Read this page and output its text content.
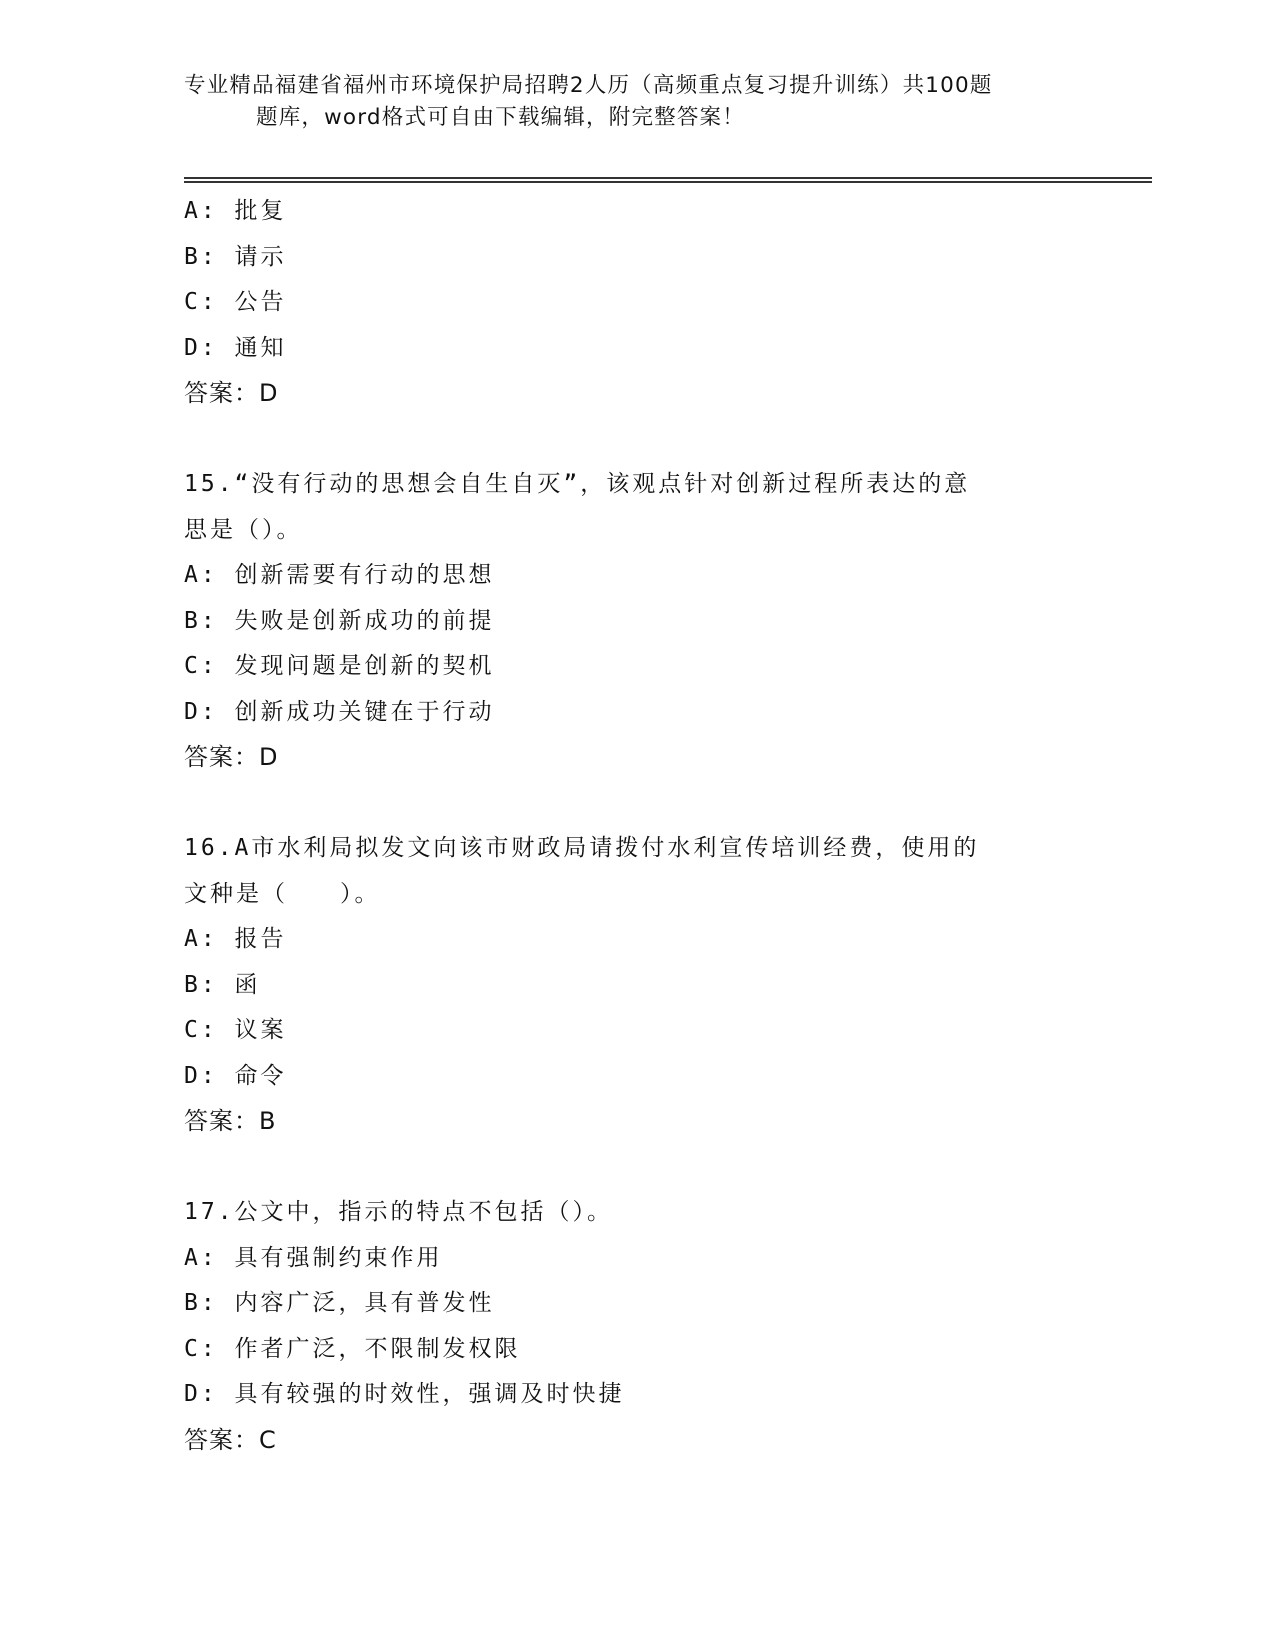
专业精品福建省福州市环境保护局招聘2人历（高频重点复习提升训练）共100题
题库，word格式可自由下载编辑，附完整答案！
A: 批复
B: 请示
C: 公告
D: 通知
答案：D
15.“没有行动的思想会自生自灭”，该观点针对创新过程所表达的意
思是（）。
A: 创新需要有行动的思想
B: 失败是创新成功的前提
C: 发现问题是创新的契机
D: 创新成功关键在于行动
答案：D
16.A市水利局拟发文向该市财政局请拨付水利宣传培训经费，使用的
文种是（　　）。
A: 报告
B: 函
C: 议案
D: 命令
答案：B
17.公文中，指示的特点不包括（）。
A: 具有强制约束作用
B: 内容广泛，具有普发性
C: 作者广泛，不限制发权限
D: 具有较强的时效性，强调及时快捷
答案：C
